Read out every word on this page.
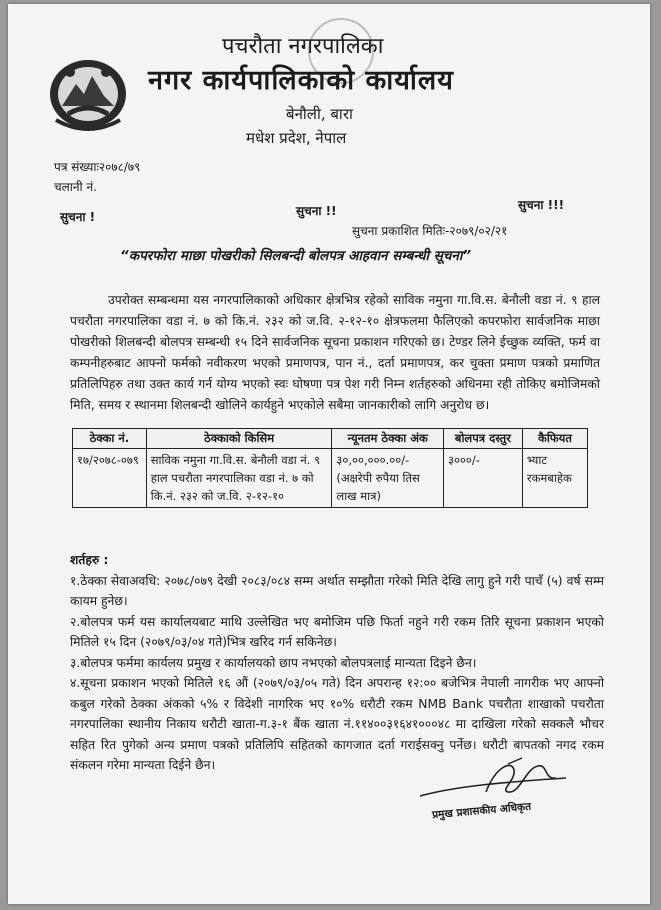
पचरौता नगरपालिका
नगर कार्यपालिकाको कार्यालय
बेनौली, बारा
मधेश प्रदेश, नेपाल
पत्र संख्याः२०७८/७९
चलानी नं.
सुचना !	सुचना !!	सुचना !!!
सुचना प्रकाशित मितिः-२०७९/०२/२१
“कपरफोरा माछा पोखरीको सिलबन्दी बोलपत्र आहवान सम्बन्धी सूचना”
उपरोक्त सम्बन्धमा यस नगरपालिकाको अधिकार क्षेत्रभित्र रहेको साविक नमुना गा.वि.स. बेनौली वडा नं. ९ हाल पचरौता नगरपालिका वडा नं. ७ को कि.नं. २३२ को ज.वि. २-१२-१० क्षेत्रफलमा फैलिएको कपरफोरा सार्वजनिक माछा पोखरीको शिलबन्दी बोलपत्र सम्बन्धी १५ दिने सार्वजनिक सूचना प्रकाशन गरिएको छ। टेण्डर लिने ईच्छुक व्यक्ति, फर्म वा कम्पनीहरुबाट आफ्नो फर्मको नवीकरण भएको प्रमाणपत्र, पान नं., दर्ता प्रमाणपत्र, कर चुक्ता प्रमाण पत्रको प्रमाणित प्रतिलिपिहरु तथा उक्त कार्य गर्न योग्य भएको स्वः घोषणा पत्र पेश गरी निम्न शर्तहरुको अधिनमा रही तोकिए बमोजिमको मिति, समय र स्थानमा शिलबन्दी खोलिने कार्यहुने भएकोले सबैमा जानकारीको लागि अनुरोध छ।
ठेक्का नं.	ठेक्काको किसिम	न्यूनतम ठेक्का अंक	बोलपत्र दस्तुर	कैफियत
१७/२०७८-०७९	साविक नमुना गा.वि.स. बेनौली वडा नं. ९ हाल पचरौता नगरपालिका वडा नं. ७ को कि.नं. २३२ को ज.वि. २-१२-१०	३०,००,०००.००/-
(अक्षरेपी रुपैया तिस लाख मात्र)	३०००/-	भ्याट रकमबाहेक

शर्तहरु :

१.ठेक्का सेवाअवधि: २०७८/०७९ देखी २०८३/०८४ सम्म अर्थात सम्झौता गरेको मिति देखि लागु हुने गरी पाचँ (५) वर्ष सम्म कायम हुनेछ।

२.बोलपत्र फर्म यस कार्यालयबाट माथि उल्लेखित भए बमोजिम पछि फिर्ता नहुने गरी रकम तिरि सूचना प्रकाशन भएको मितिले १५ दिन (२०७९/०३/०४ गते)भित्र खरिद गर्न सकिनेछ।

३.बोलपत्र फर्ममा कार्यलय प्रमुख र कार्यालयको छाप नभएको बोलपत्रलाई मान्यता दिइने छैन।

४.सूचना प्रकाशन भएको मितिले १६ औं (२०७९/०३/०५ गते) दिन अपरान्ह १२:०० बजेभित्र नेपाली नागरीक भए आफ्नो कबुल गरेको ठेक्का अंकको ५% र विदेशी नागरिक भए १०% धरौटी रकम NMB Bank पचरौता शाखाको पचरौता नगरपालिका स्थानीय निकाय धरौटी खाता-ग.३-१ बैंक खाता नं.११४००३१६४१०००४८ मा दाखिला गरेको सक्कलै भौचर सहित रित पुगेको अन्य प्रमाण पत्रको प्रतिलिपि सहितको कागजात दर्ता गराईसक्नु पर्नेछ। धरौटी बापतको नगद रकम संकलन गरेमा मान्यता दिईने छैन।

प्रमुख प्रशासकीय अधिकृत
